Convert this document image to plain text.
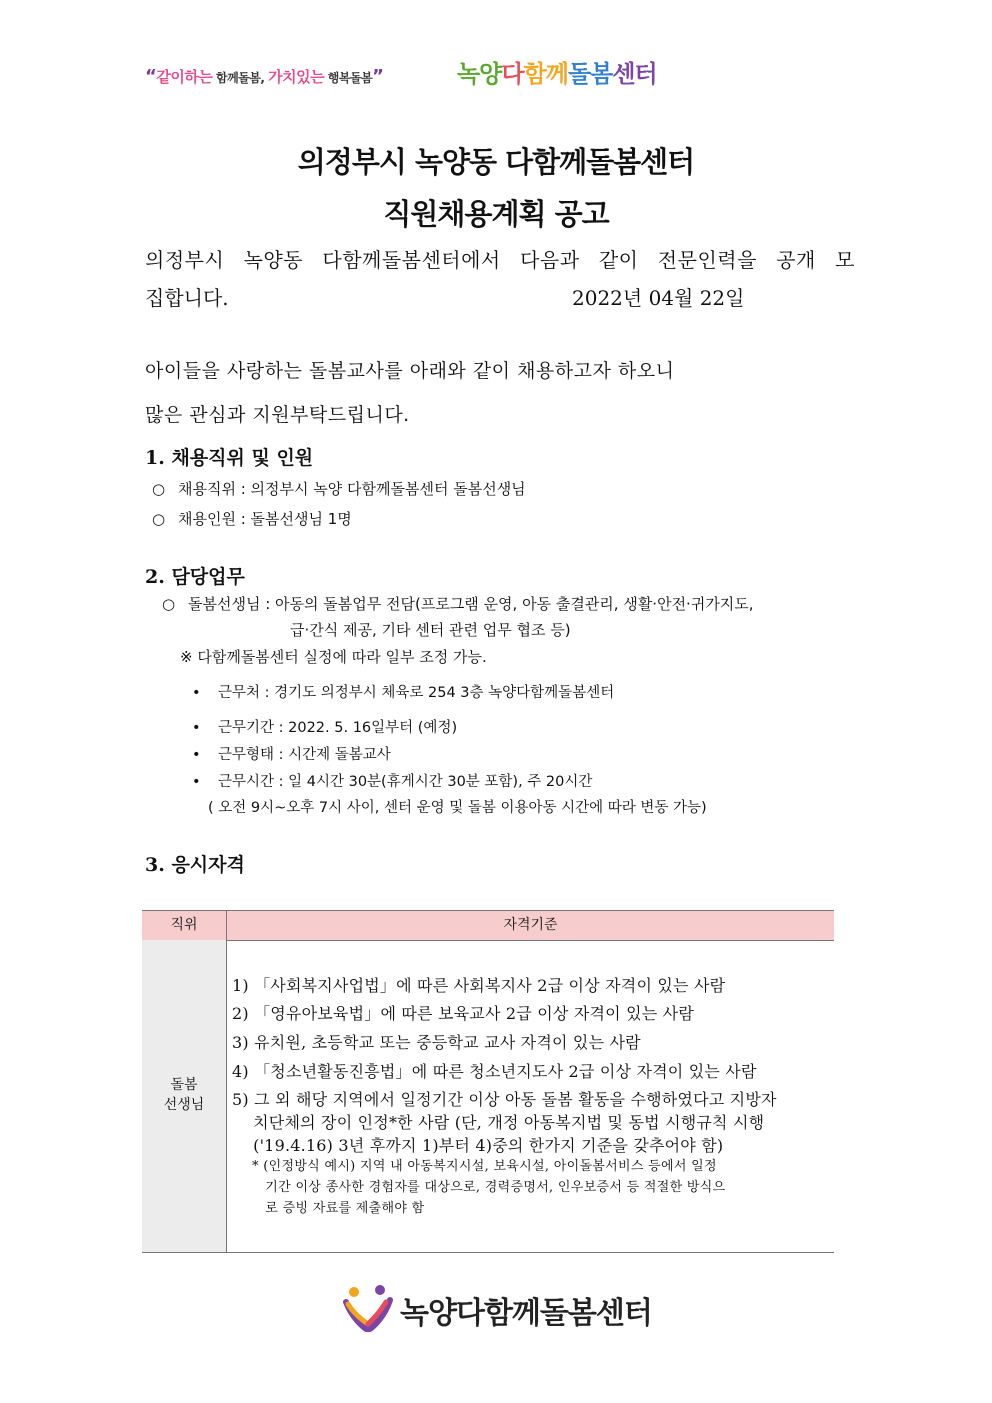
“같이하는 함께돌봄, 가치있는 행복돌봄”	녹양다함께돌봄센터
의정부시 녹양동 다함께돌봄센터
직원채용계획 공고
의정부시 녹양동 다함께돌봄센터에서 다음과 같이 전문인력을 공개 모
집합니다.	2022년 04월 22일
아이들을 사랑하는 돌봄교사를 아래와 같이 채용하고자 하오니
많은 관심과 지원부탁드립니다.
1. 채용직위 및 인원
○ 채용직위 : 의정부시 녹양 다함께돌봄센터 돌봄선생님
○ 채용인원 : 돌봄선생님 1명
2. 담당업무
○ 돌봄선생님 : 아동의 돌봄업무 전담(프로그램 운영, 아동 출결관리, 생활·안전·귀가지도,
급·간식 제공, 기타 센터 관련 업무 협조 등)
※ 다함께돌봄센터 실정에 따라 일부 조정 가능.
• 근무처 : 경기도 의정부시 체육로 254 3층 녹양다함께돌봄센터
• 근무기간 : 2022. 5. 16일부터 (예정)
• 근무형태 : 시간제 돌봄교사
• 근무시간 : 일 4시간 30분(휴게시간 30분 포함), 주 20시간
( 오전 9시~오후 7시 사이, 센터 운영 및 돌봄 이용아동 시간에 따라 변동 가능)
3. 응시자격
직위	자격기준
돌봄
선생님
1) 「사회복지사업법」에 따른 사회복지사 2급 이상 자격이 있는 사람
2) 「영유아보육법」에 따른 보육교사 2급 이상 자격이 있는 사람
3) 유치원, 초등학교 또는 중등학교 교사 자격이 있는 사람
4) 「청소년활동진흥법」에 따른 청소년지도사 2급 이상 자격이 있는 사람
5) 그 외 해당 지역에서 일정기간 이상 아동 돌봄 활동을 수행하였다고 지방자
치단체의 장이 인정*한 사람 (단, 개정 아동복지법 및 동법 시행규칙 시행
('19.4.16) 3년 후까지 1)부터 4)중의 한가지 기준을 갖추어야 함)
* (인정방식 예시) 지역 내 아동복지시설, 보육시설, 아이돌봄서비스 등에서 일정
기간 이상 종사한 경험자를 대상으로, 경력증명서, 인우보증서 등 적절한 방식으
로 증빙 자료를 제출해야 함
녹양다함께돌봄센터
